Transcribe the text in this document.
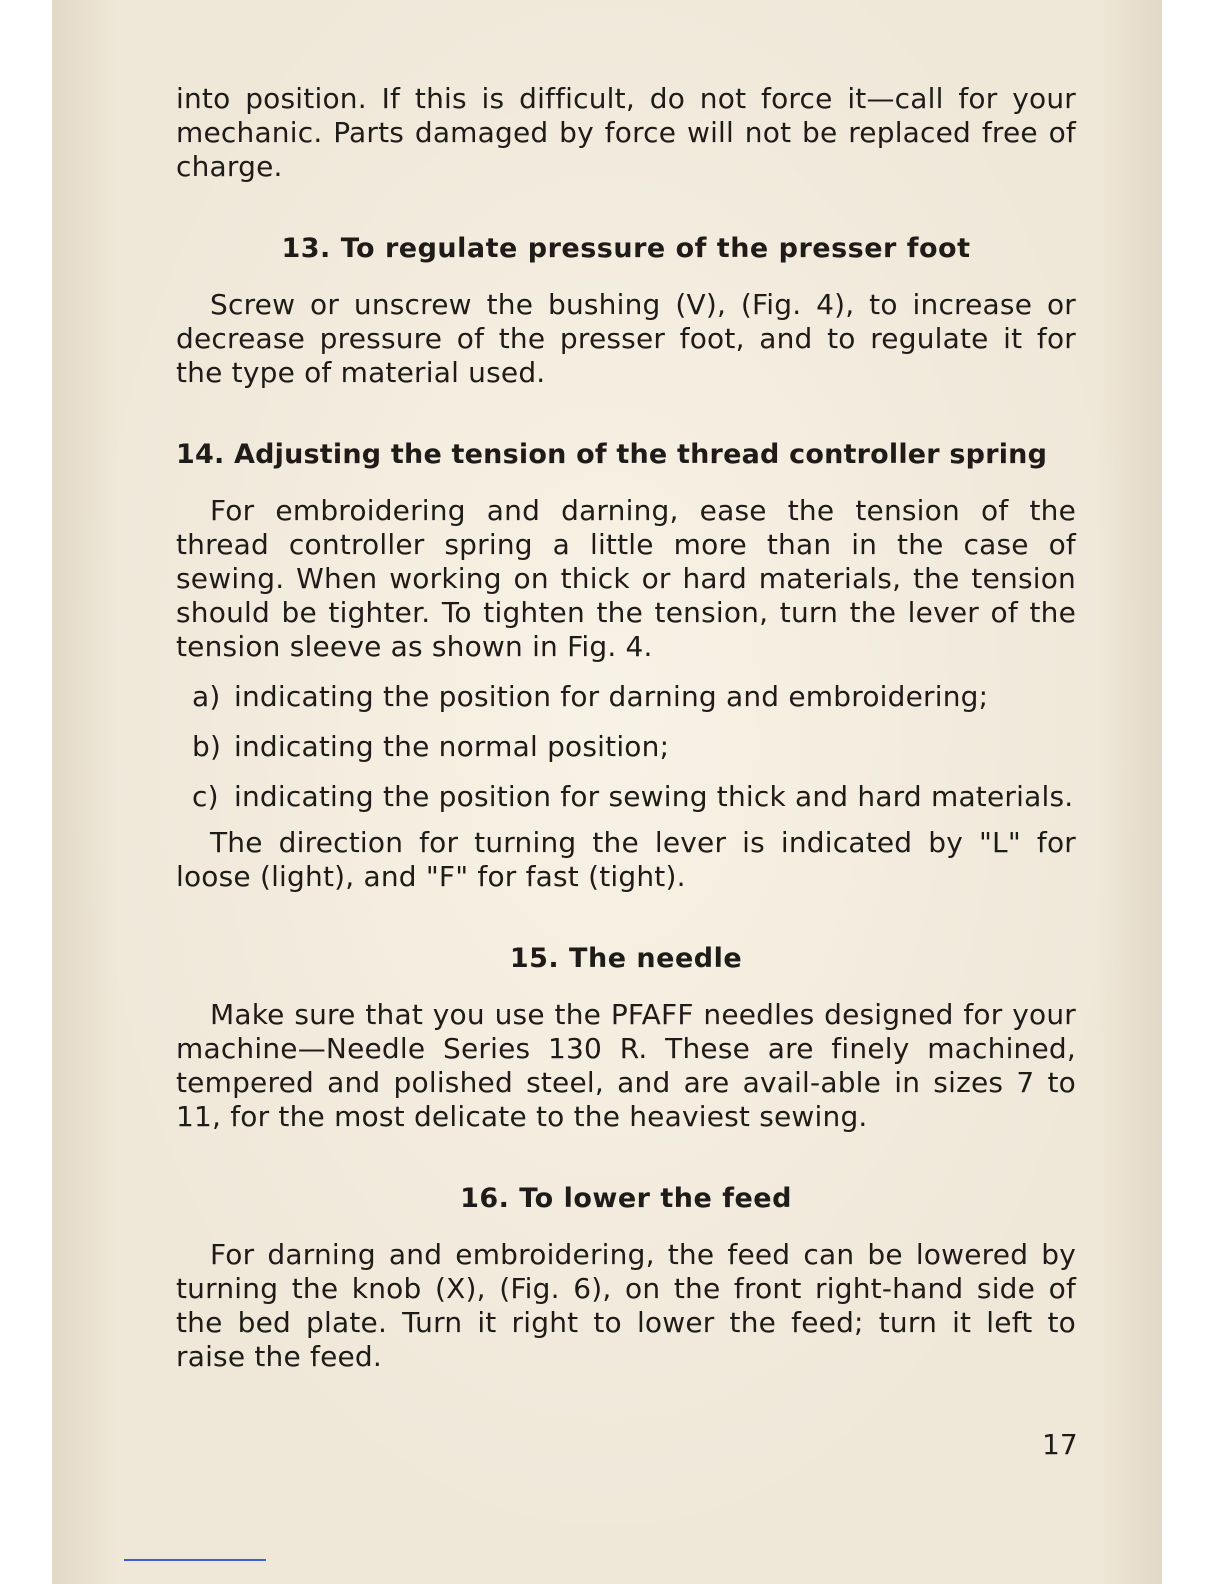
into position. If this is difficult, do not force it—call for your mechanic. Parts damaged by force will not be replaced free of charge.

13. To regulate pressure of the presser foot

Screw or unscrew the bushing (V), (Fig. 4), to increase or decrease pressure of the presser foot, and to regulate it for the type of material used.

14. Adjusting the tension of the thread controller spring

For embroidering and darning, ease the tension of the thread controller spring a little more than in the case of sewing. When working on thick or hard materials, the tension should be tighter. To tighten the tension, turn the lever of the tension sleeve as shown in Fig. 4.

a) indicating the position for darning and embroidering;
b) indicating the normal position;
c) indicating the position for sewing thick and hard materials.

The direction for turning the lever is indicated by "L" for loose (light), and "F" for fast (tight).

15. The needle

Make sure that you use the PFAFF needles designed for your machine—Needle Series 130 R. These are finely machined, tempered and polished steel, and are avail-able in sizes 7 to 11, for the most delicate to the heaviest sewing.

16. To lower the feed

For darning and embroidering, the feed can be lowered by turning the knob (X), (Fig. 6), on the front right-hand side of the bed plate. Turn it right to lower the feed; turn it left to raise the feed.

17
